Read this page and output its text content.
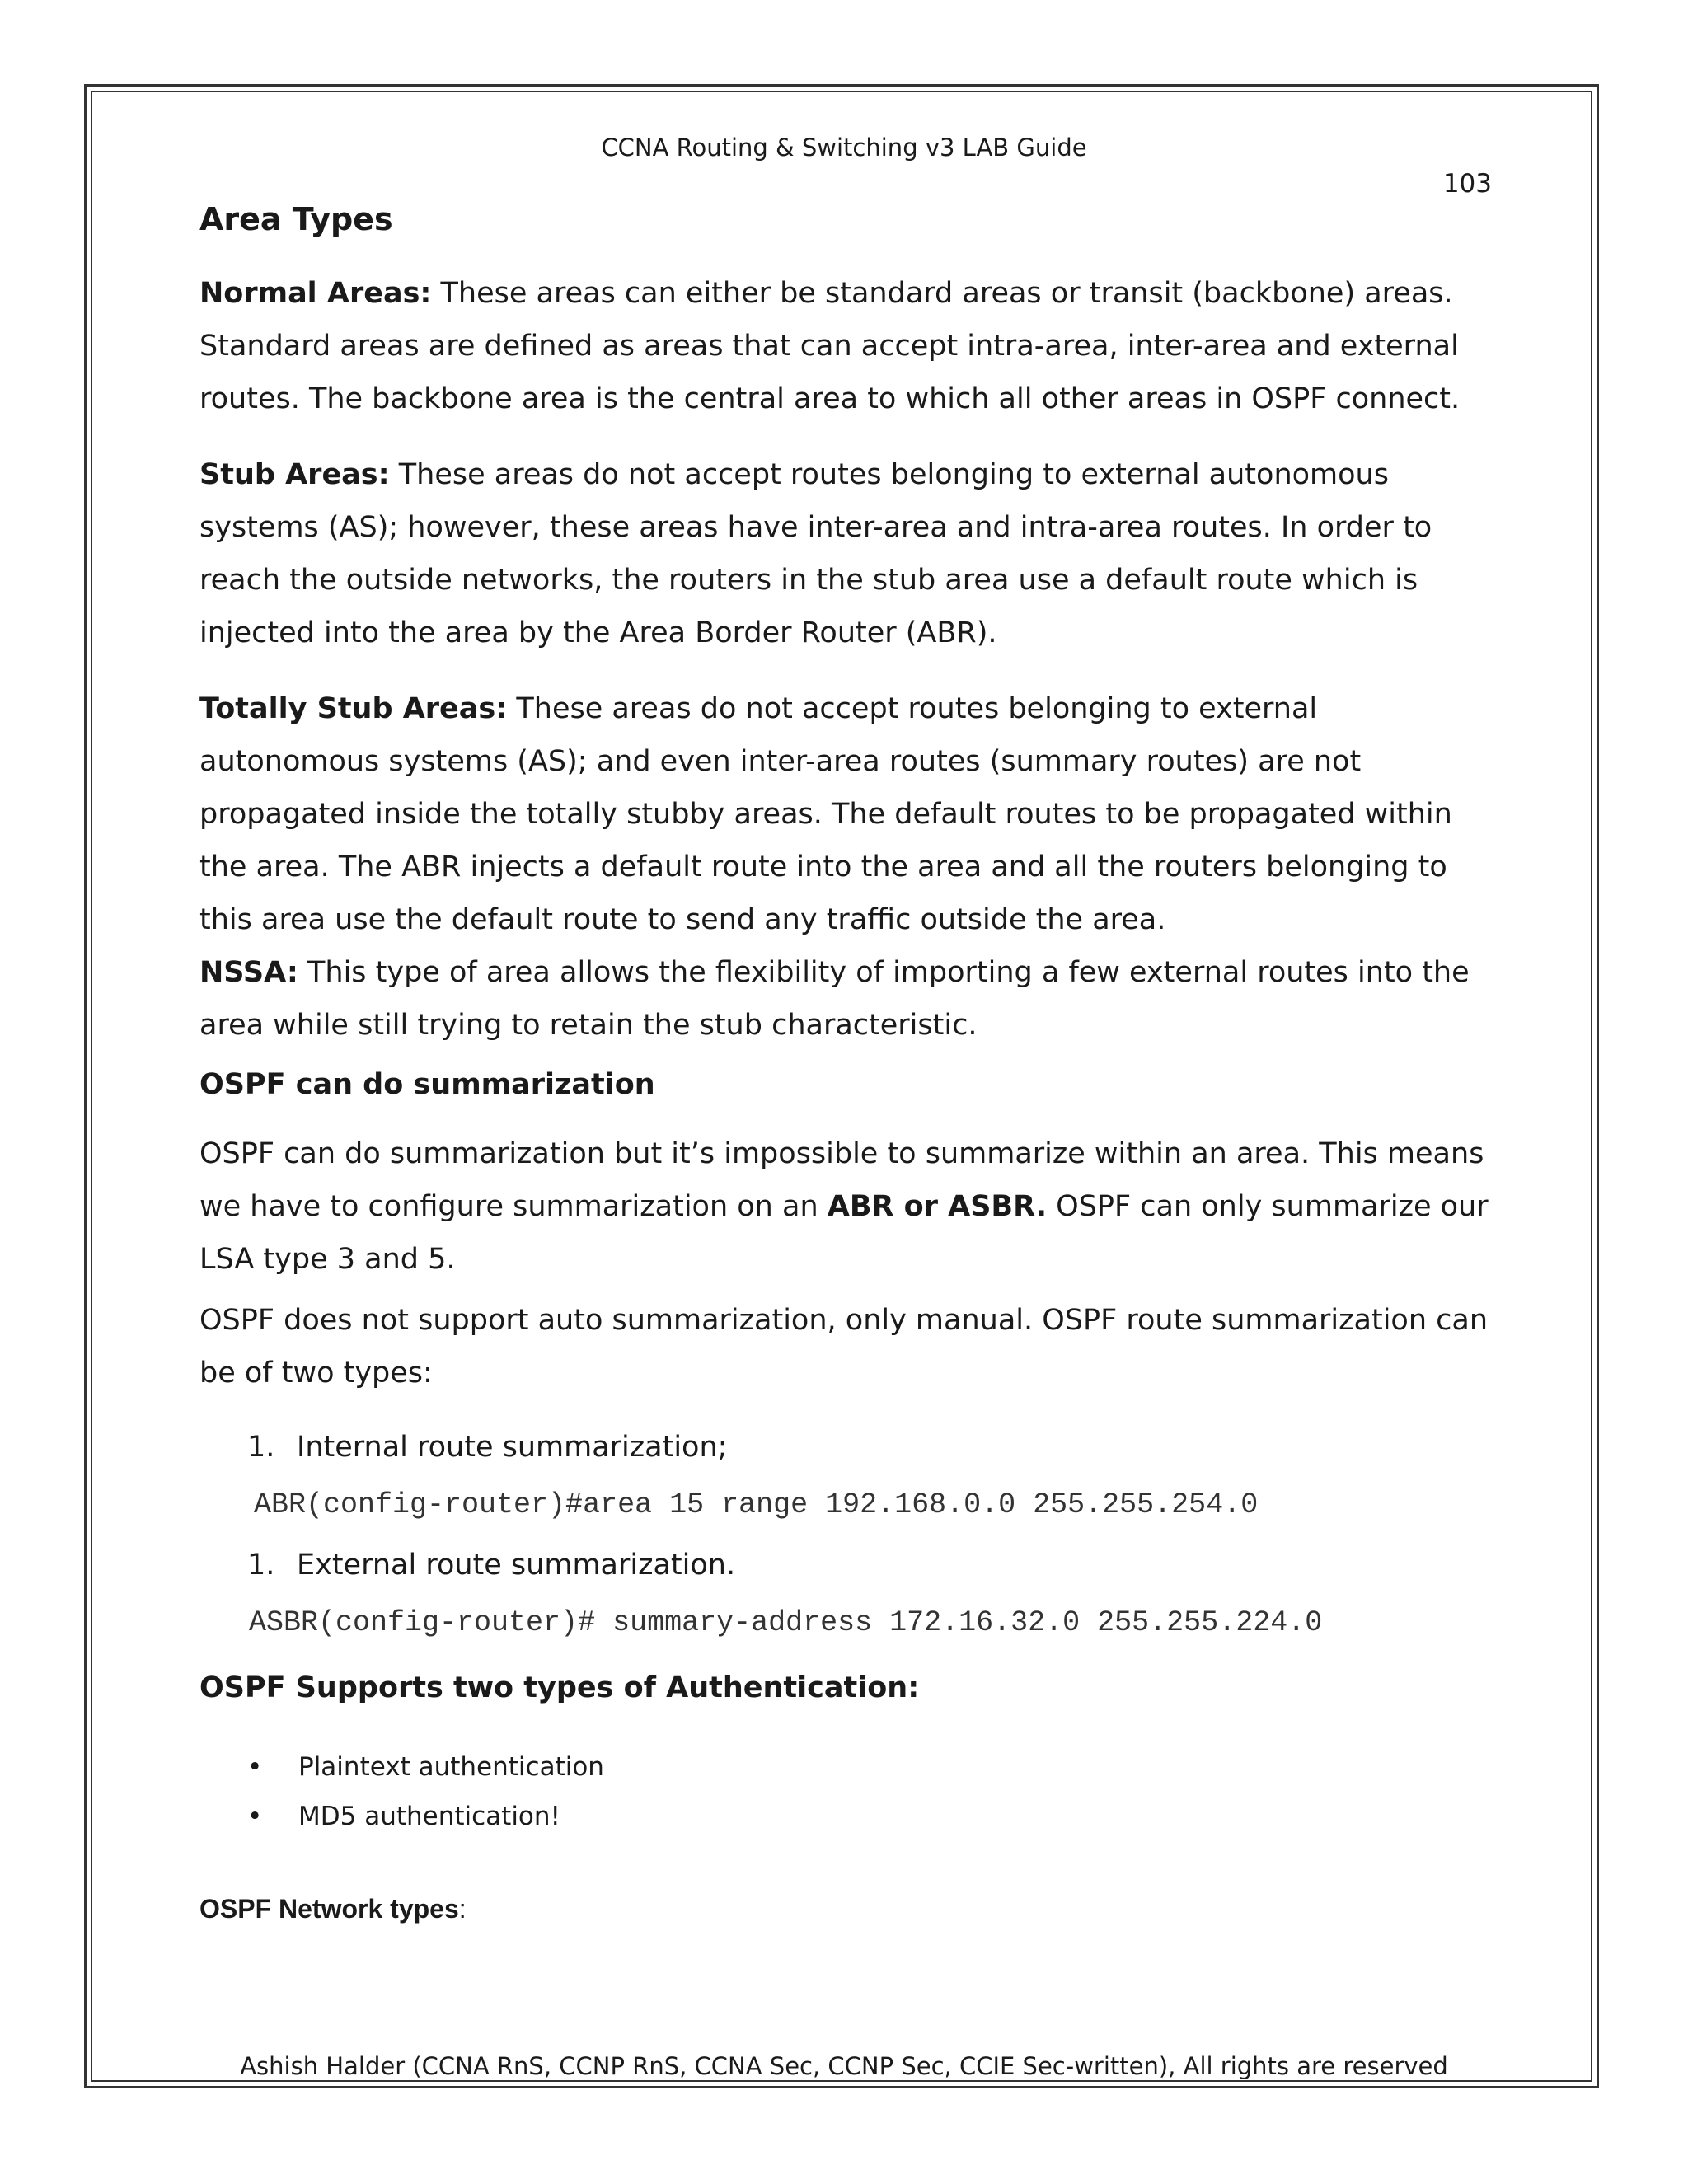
CCNA Routing & Switching v3 LAB Guide
103
Area Types
Normal Areas: These areas can either be standard areas or transit (backbone) areas. Standard areas are defined as areas that can accept intra-area, inter-area and external routes. The backbone area is the central area to which all other areas in OSPF connect.
Stub Areas: These areas do not accept routes belonging to external autonomous systems (AS); however, these areas have inter-area and intra-area routes. In order to reach the outside networks, the routers in the stub area use a default route which is injected into the area by the Area Border Router (ABR).
Totally Stub Areas: These areas do not accept routes belonging to external autonomous systems (AS); and even inter-area routes (summary routes) are not propagated inside the totally stubby areas. The default routes to be propagated within the area. The ABR injects a default route into the area and all the routers belonging to this area use the default route to send any traffic outside the area.
NSSA: This type of area allows the flexibility of importing a few external routes into the area while still trying to retain the stub characteristic.
OSPF can do summarization
OSPF can do summarization but it’s impossible to summarize within an area. This means we have to configure summarization on an ABR or ASBR. OSPF can only summarize our LSA type 3 and 5.
OSPF does not support auto summarization, only manual. OSPF route summarization can be of two types:
1. Internal route summarization;
ABR(config-router)#area 15 range 192.168.0.0 255.255.254.0
1. External route summarization.
ASBR(config-router)# summary-address 172.16.32.0 255.255.224.0
OSPF Supports two types of Authentication:
• Plaintext authentication
• MD5 authentication!
OSPF Network types:
Ashish Halder (CCNA RnS, CCNP RnS, CCNA Sec, CCNP Sec, CCIE Sec-written), All rights are reserved
